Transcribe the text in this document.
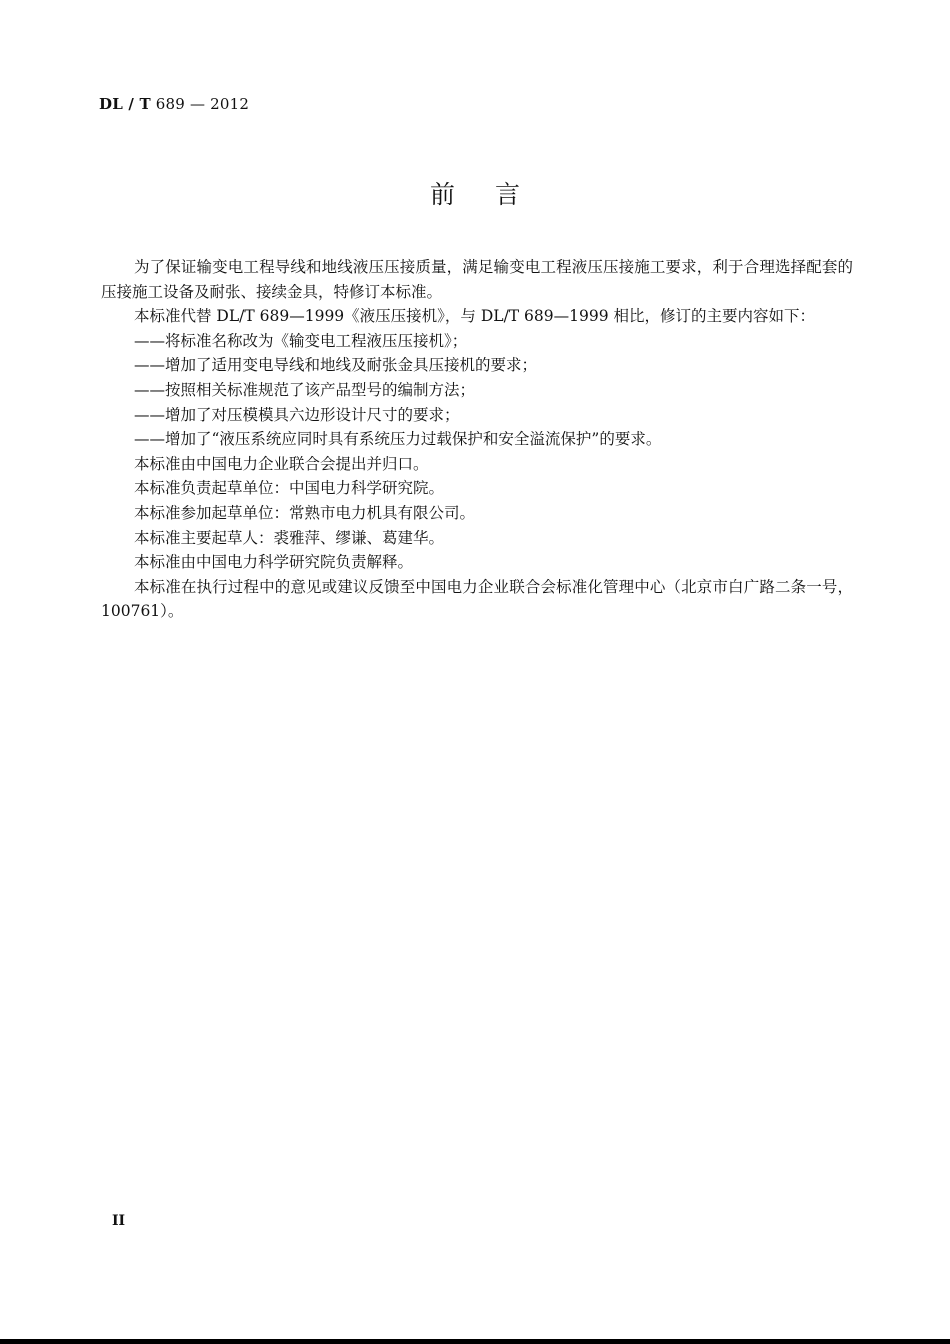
DL / T 689 — 2012
前言

为了保证输变电工程导线和地线液压压接质量，满足输变电工程液压压接施工要求，利于合理选择配套的压接施工设备及耐张、接续金具，特修订本标准。

本标准代替 DL/T 689—1999《液压压接机》，与 DL/T 689—1999 相比，修订的主要内容如下：

——将标准名称改为《输变电工程液压压接机》；

——增加了适用变电导线和地线及耐张金具压接机的要求；

——按照相关标准规范了该产品型号的编制方法；

——增加了对压模模具六边形设计尺寸的要求；

——增加了“液压系统应同时具有系统压力过载保护和安全溢流保护”的要求。

本标准由中国电力企业联合会提出并归口。

本标准负责起草单位：中国电力科学研究院。

本标准参加起草单位：常熟市电力机具有限公司。

本标准主要起草人：裘雅萍、缪谦、葛建华。

本标准由中国电力科学研究院负责解释。

本标准在执行过程中的意见或建议反馈至中国电力企业联合会标准化管理中心（北京市白广路二条一号，100761）。

II
